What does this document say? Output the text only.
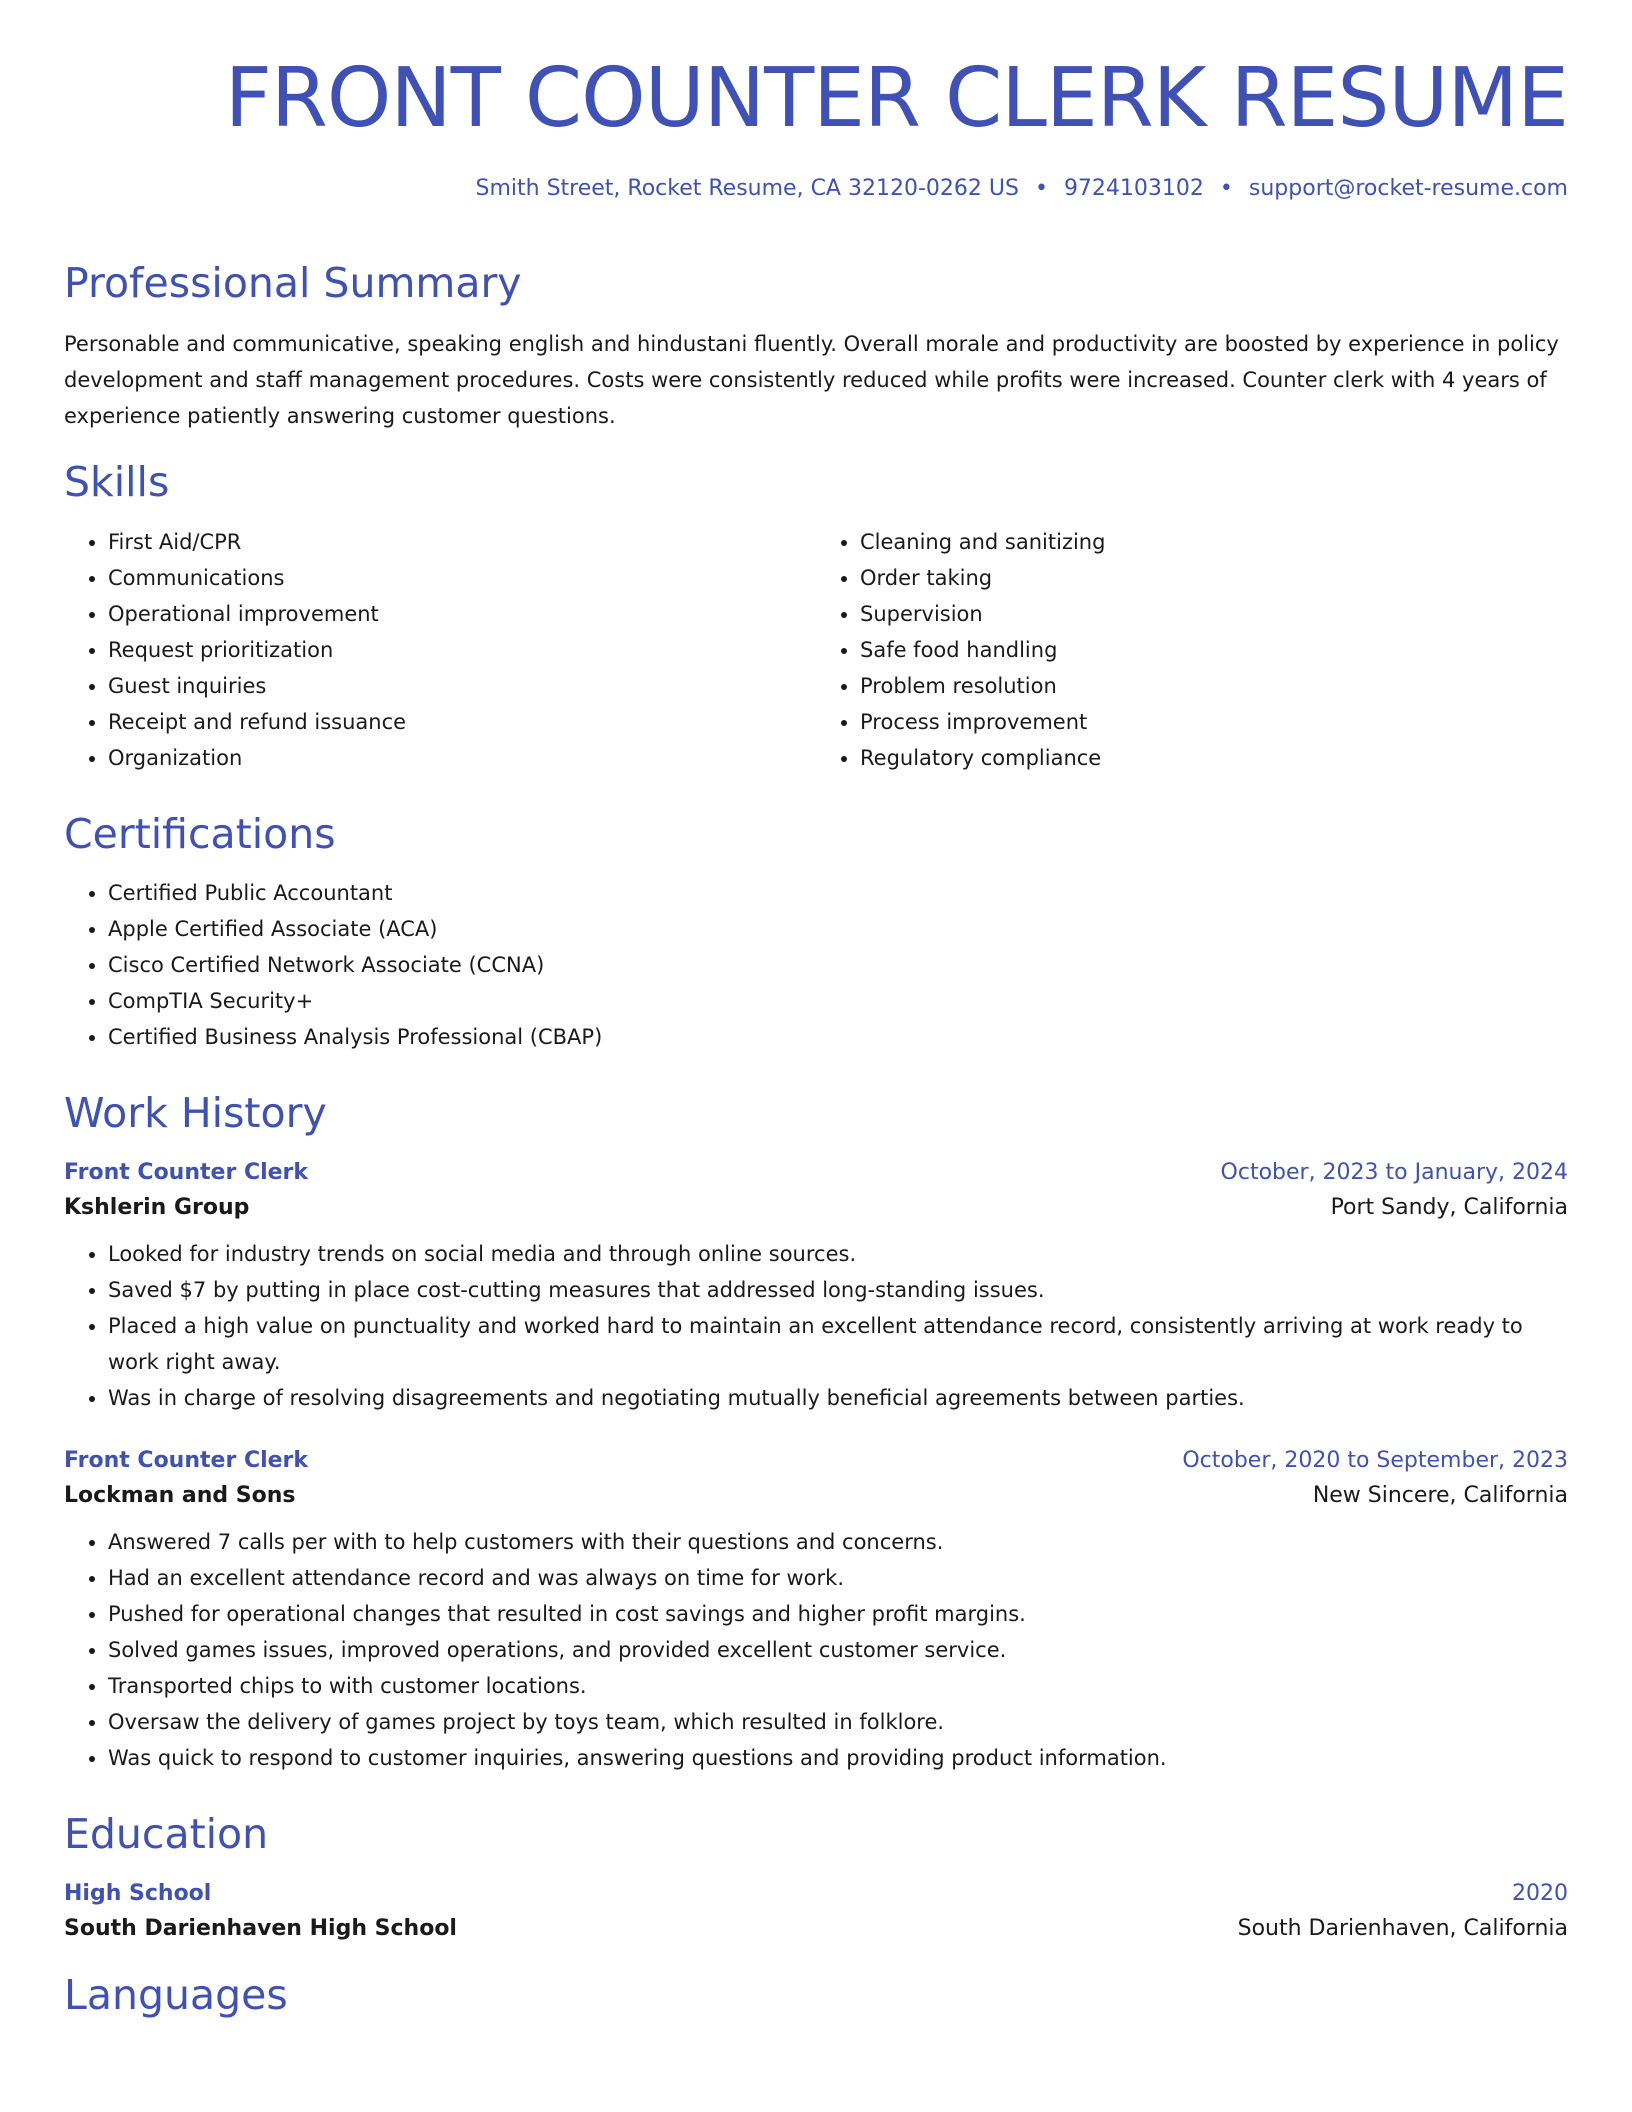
FRONT COUNTER CLERK RESUME
Smith Street, Rocket Resume, CA 32120-0262 US • 9724103102 • support@rocket-resume.com
Professional Summary

Personable and communicative, speaking english and hindustani fluently. Overall morale and productivity are boosted by experience in policy development and staff management procedures. Costs were consistently reduced while profits were increased. Counter clerk with 4 years of experience patiently answering customer questions.

Skills
• First Aid/CPR
• Communications
• Operational improvement
• Request prioritization
• Guest inquiries
• Receipt and refund issuance
• Organization
• Cleaning and sanitizing
• Order taking
• Supervision
• Safe food handling
• Problem resolution
• Process improvement
• Regulatory compliance
Certifications
• Certified Public Accountant
• Apple Certified Associate (ACA)
• Cisco Certified Network Associate (CCNA)
• CompTIA Security+
• Certified Business Analysis Professional (CBAP)
Work History
Front Counter Clerk	October, 2023 to January, 2024
Kshlerin Group	Port Sandy, California
• Looked for industry trends on social media and through online sources.
• Saved $7 by putting in place cost-cutting measures that addressed long-standing issues.
• Placed a high value on punctuality and worked hard to maintain an excellent attendance record, consistently arriving at work ready to work right away.
• Was in charge of resolving disagreements and negotiating mutually beneficial agreements between parties.
Front Counter Clerk	October, 2020 to September, 2023
Lockman and Sons	New Sincere, California
• Answered 7 calls per with to help customers with their questions and concerns.
• Had an excellent attendance record and was always on time for work.
• Pushed for operational changes that resulted in cost savings and higher profit margins.
• Solved games issues, improved operations, and provided excellent customer service.
• Transported chips to with customer locations.
• Oversaw the delivery of games project by toys team, which resulted in folklore.
• Was quick to respond to customer inquiries, answering questions and providing product information.
Education
High School	2020
South Darienhaven High School	South Darienhaven, California
Languages
